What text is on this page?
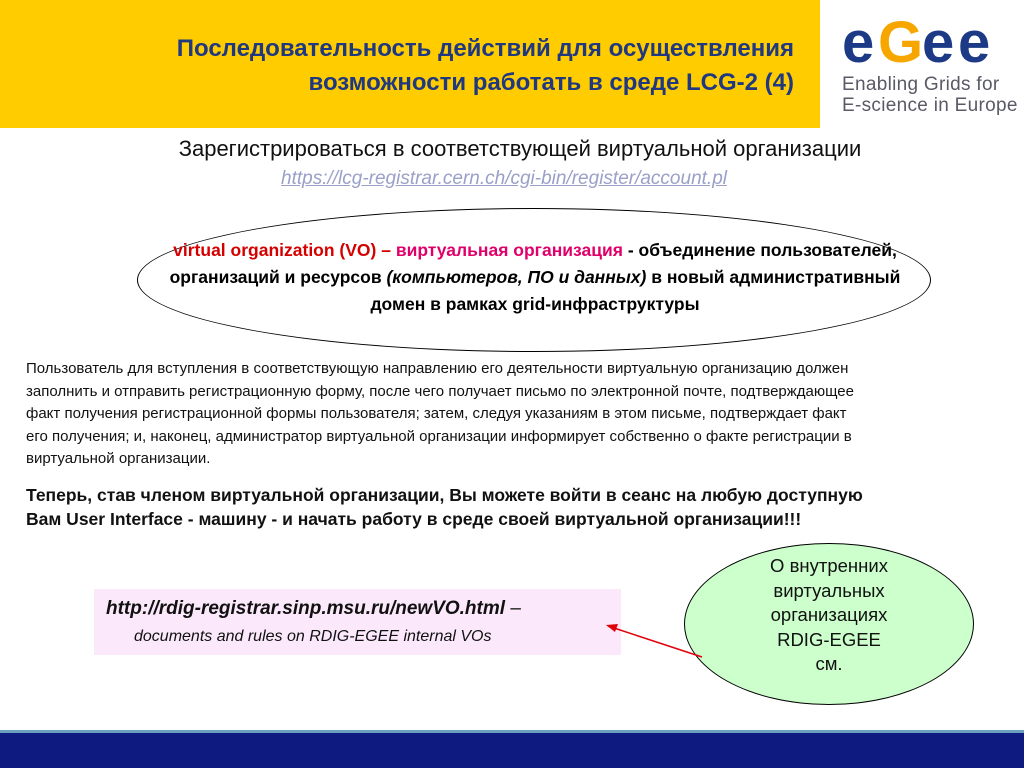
Последовательность действий для осуществления
возможности работать в среде LCG-2 (4)
e G
e e
Enabling Grids for
E-science in Europe
Зарегистрироваться в соответствующей виртуальной организации
https://lcg-registrar.cern.ch/cgi-bin/register/account.pl
virtual organization (VO) – виртуальная организация - объединение пользователей, организаций и ресурсов (компьютеров, ПО и данных) в новый административный домен в рамках grid-инфраструктуры
Пользователь для вступления в соответствующую направлению его деятельности виртуальную организацию должен
заполнить и отправить регистрационную форму, после чего получает письмо по электронной почте, подтверждающее
факт получения регистрационной формы пользователя; затем, следуя указаниям в этом письме, подтверждает факт
его получения; и, наконец, администратор виртуальной организации информирует собственно о факте регистрации в
виртуальной организации.
Теперь, став членом виртуальной организации, Вы можете войти в сеанс на любую доступную
Вам User Interface - машину - и начать работу в среде своей виртуальной организации!!!
http://rdig-registrar.sinp.msu.ru/newVO.html –
documents and rules on RDIG-EGEE internal VOs
О внутренних
виртуальных
организациях
RDIG-EGEE
см.
